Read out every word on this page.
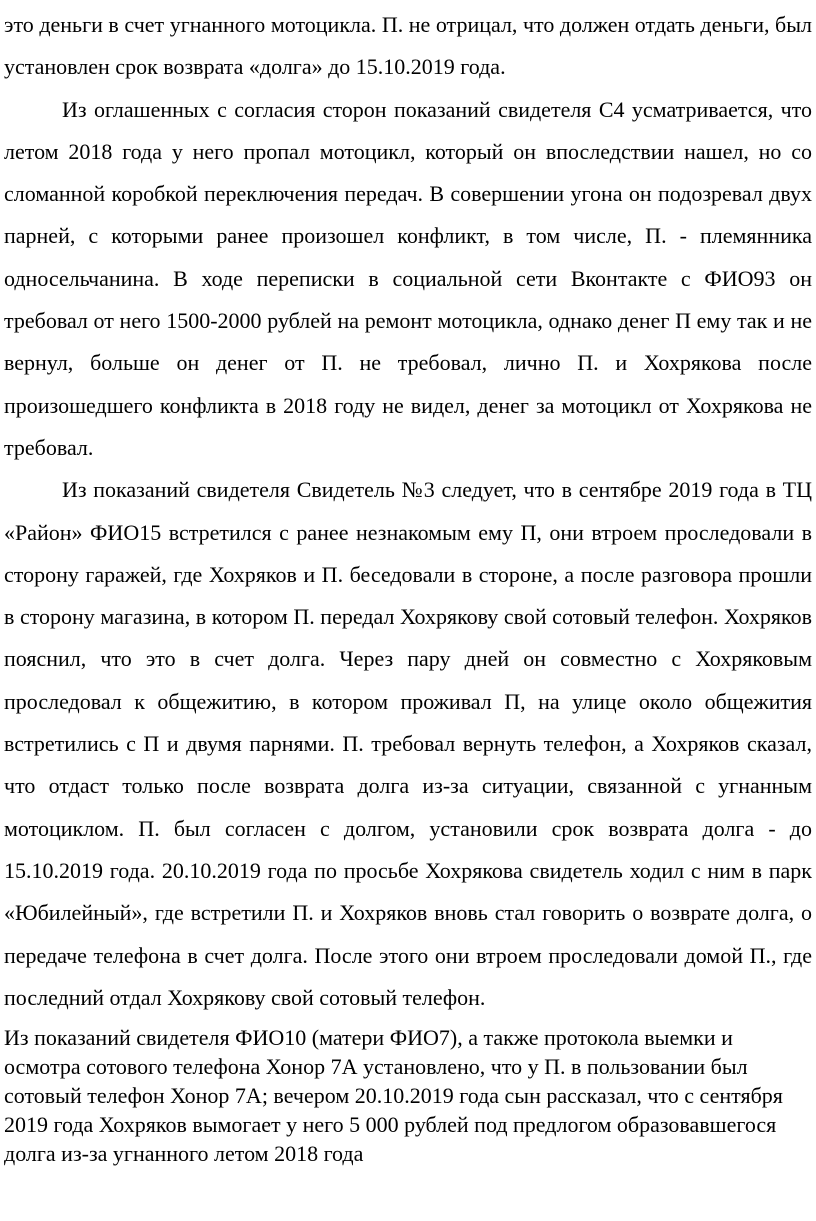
это деньги в счет угнанного мотоцикла. П. не отрицал, что должен отдать деньги, был установлен срок возврата «долга» до 15.10.2019 года.

Из оглашенных с согласия сторон показаний свидетеля С4 усматривается, что летом 2018 года у него пропал мотоцикл, который он впоследствии нашел, но со сломанной коробкой переключения передач. В совершении угона он подозревал двух парней, с которыми ранее произошел конфликт, в том числе, П. - племянника односельчанина. В ходе переписки в социальной сети Вконтакте с ФИО93 он требовал от него 1500-2000 рублей на ремонт мотоцикла, однако денег П ему так и не вернул, больше он денег от П. не требовал, лично П. и Хохрякова после произошедшего конфликта в 2018 году не видел, денег за мотоцикл от Хохрякова не требовал.

Из показаний свидетеля Свидетель №3 следует, что в сентябре 2019 года в ТЦ «Район» ФИО15 встретился с ранее незнакомым ему П, они втроем проследовали в сторону гаражей, где Хохряков и П. беседовали в стороне, а после разговора прошли в сторону магазина, в котором П. передал Хохрякову свой сотовый телефон. Хохряков пояснил, что это в счет долга. Через пару дней он совместно с Хохряковым проследовал к общежитию, в котором проживал П, на улице около общежития встретились с П и двумя парнями. П. требовал вернуть телефон, а Хохряков сказал, что отдаст только после возврата долга из-за ситуации, связанной с угнанным мотоциклом. П. был согласен с долгом, установили срок возврата долга - до 15.10.2019 года. 20.10.2019 года по просьбе Хохрякова свидетель ходил с ним в парк «Юбилейный», где встретили П. и Хохряков вновь стал говорить о возврате долга, о передаче телефона в счет долга. После этого они втроем проследовали домой П., где последний отдал Хохрякову свой сотовый телефон.

Из показаний свидетеля ФИО10 (матери ФИО7), а также протокола выемки и осмотра сотового телефона Хонор 7А установлено, что у П. в пользовании был сотовый телефон Хонор 7А; вечером 20.10.2019 года сын рассказал, что с сентября 2019 года Хохряков вымогает у него 5 000 рублей под предлогом образовавшегося долга из-за угнанного летом 2018 года
